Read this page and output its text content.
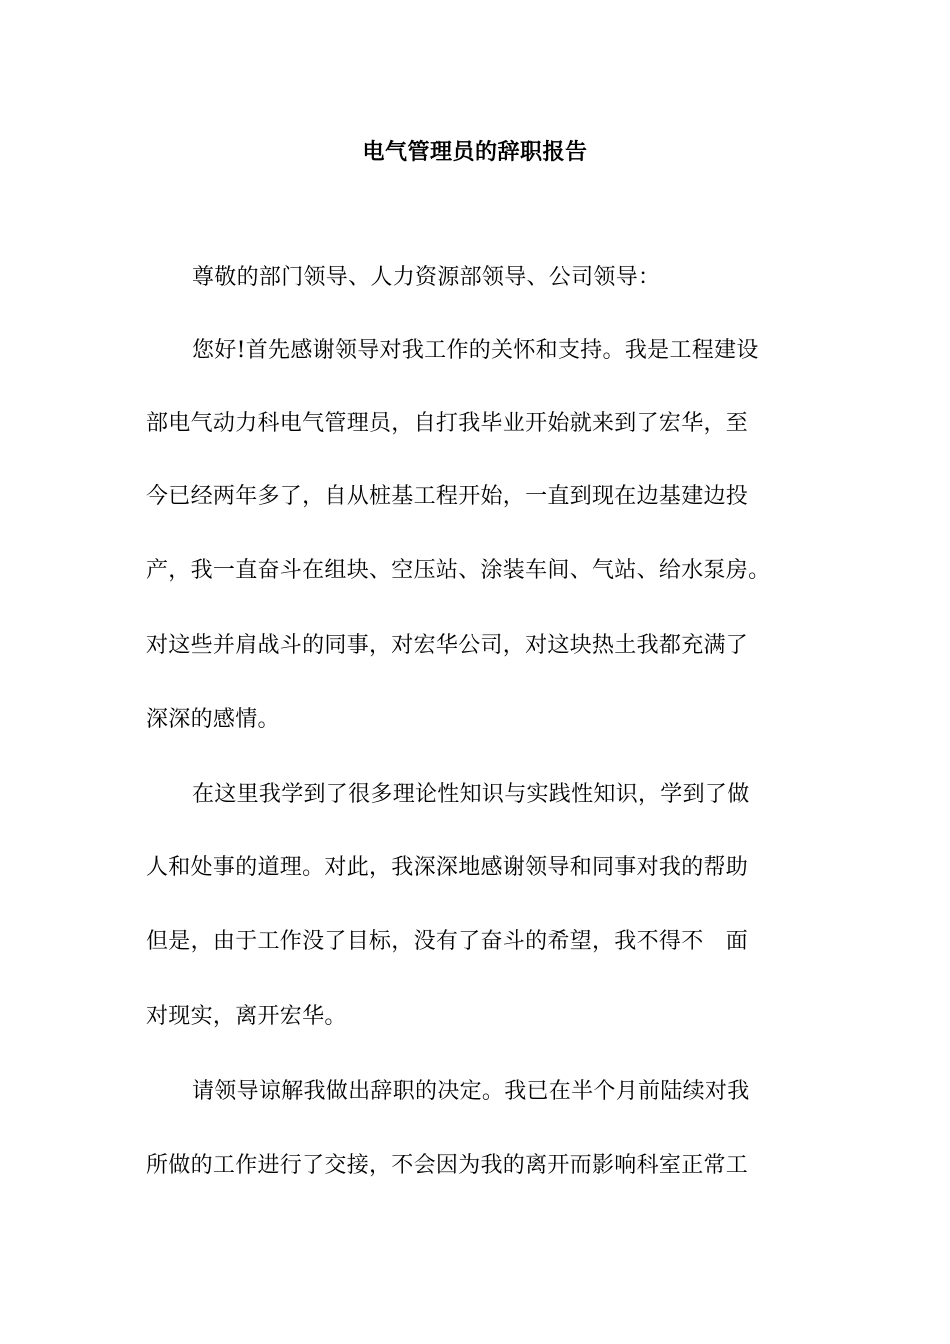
电气管理员的辞职报告
尊敬的部门领导、人力资源部领导、公司领导：
您好!首先感谢领导对我工作的关怀和支持。我是工程建设
部电气动力科电气管理员，自打我毕业开始就来到了宏华，至
今已经两年多了，自从桩基工程开始，一直到现在边基建边投
产，我一直奋斗在组块、空压站、涂装车间、气站、给水泵房。
对这些并肩战斗的同事，对宏华公司，对这块热土我都充满了
深深的感情。
在这里我学到了很多理论性知识与实践性知识，学到了做
人和处事的道理。对此，我深深地感谢领导和同事对我的帮助
但是，由于工作没了目标，没有了奋斗的希望，我不得不　面
对现实，离开宏华。
请领导谅解我做出辞职的决定。我已在半个月前陆续对我
所做的工作进行了交接，不会因为我的离开而影响科室正常工
